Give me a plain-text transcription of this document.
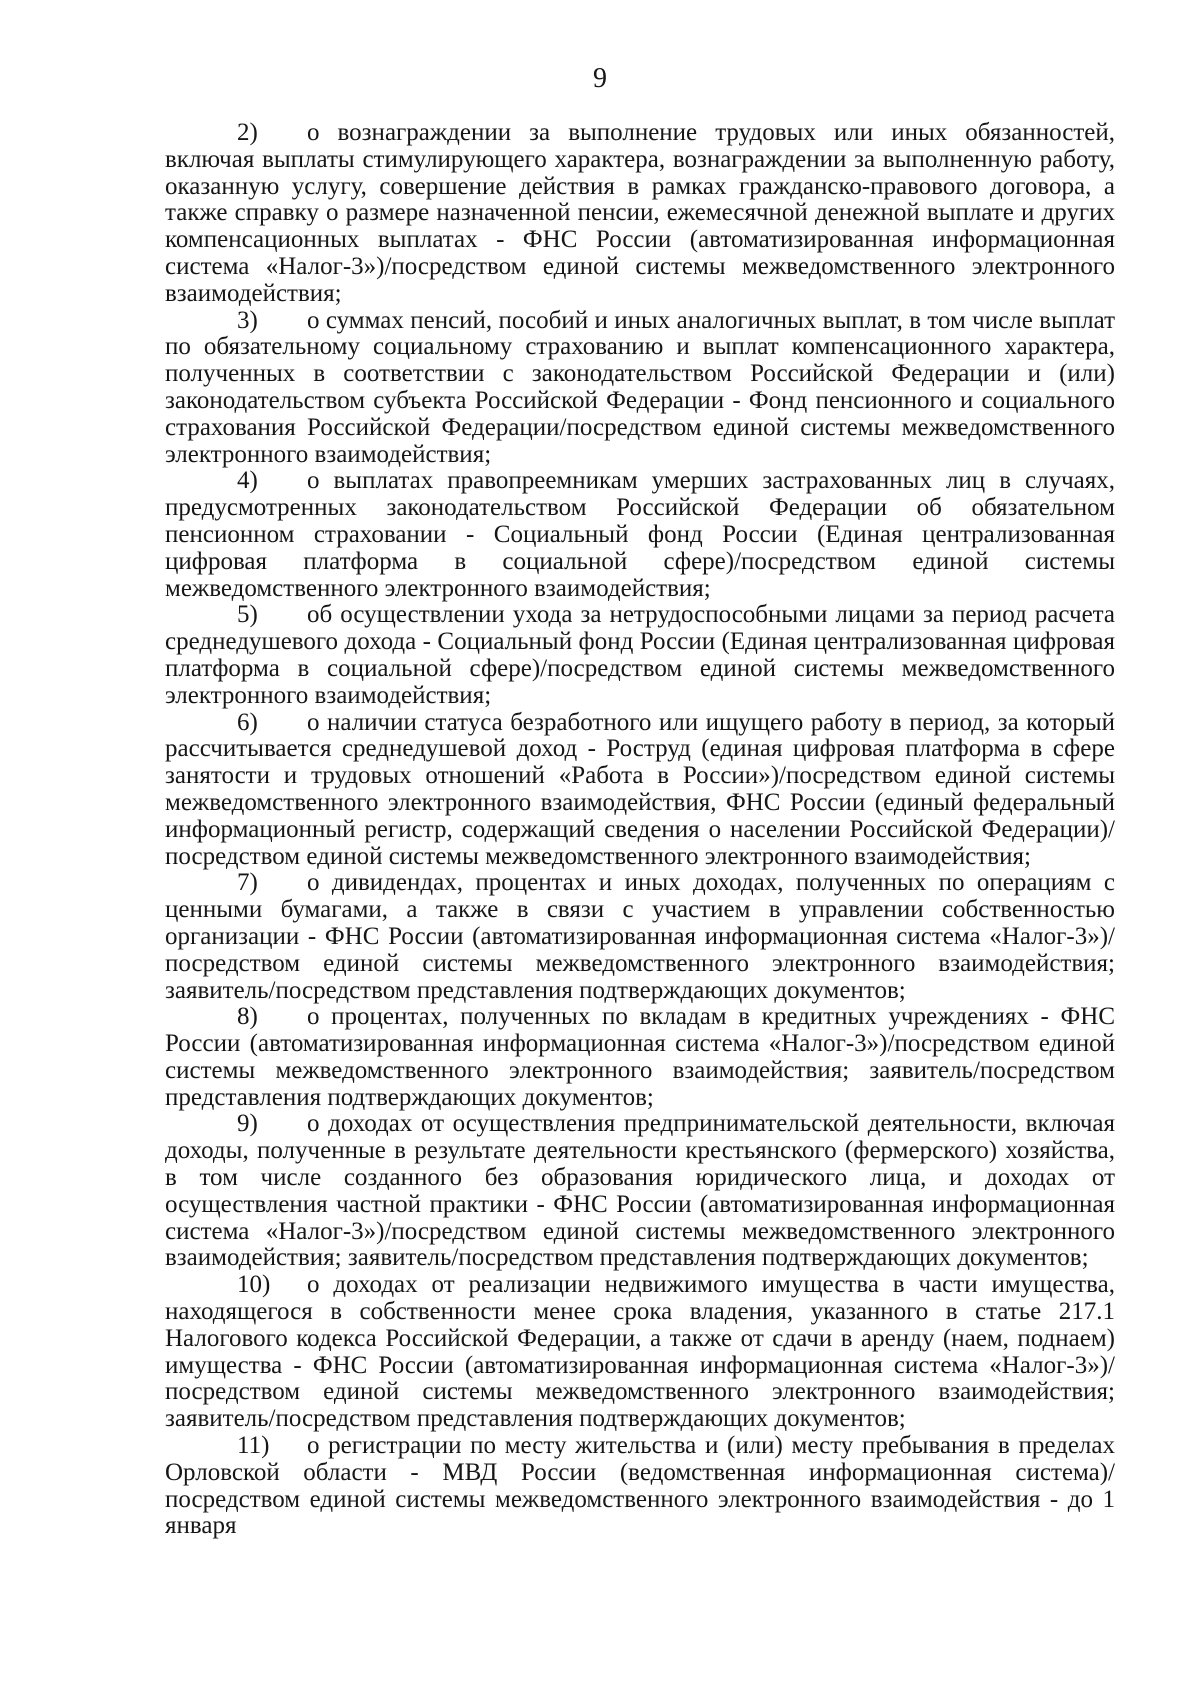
9

2) о вознаграждении за выполнение трудовых или иных обязанностей, включая выплаты стимулирующего характера, вознаграждении за выполненную работу, оказанную услугу, совершение действия в рамках гражданско-правового договора, а также справку о размере назначенной пенсии, ежемесячной денежной выплате и других компенсационных выплатах - ФНС России (автоматизированная информационная система «Налог-3»)/посредством единой системы межведомственного электронного взаимодействия;

3) о суммах пенсий, пособий и иных аналогичных выплат, в том числе выплат по обязательному социальному страхованию и выплат компенсационного характера, полученных в соответствии с законодательством Российской Федерации и (или) законодательством субъекта Российской Федерации - Фонд пенсионного и социального страхования Российской Федерации/посредством единой системы межведомственного электронного взаимодействия;

4) о выплатах правопреемникам умерших застрахованных лиц в случаях, предусмотренных законодательством Российской Федерации об обязательном пенсионном страховании - Социальный фонд России (Единая централизованная цифровая платформа в социальной сфере)/посредством единой системы межведомственного электронного взаимодействия;

5) об осуществлении ухода за нетрудоспособными лицами за период расчета среднедушевого дохода - Социальный фонд России (Единая централизованная цифровая платформа в социальной сфере)/посредством единой системы межведомственного электронного взаимодействия;

6) о наличии статуса безработного или ищущего работу в период, за который рассчитывается среднедушевой доход - Роструд (единая цифровая платформа в сфере занятости и трудовых отношений «Работа в России»)/посредством единой системы межведомственного электронного взаимодействия, ФНС России (единый федеральный информационный регистр, содержащий сведения о населении Российской Федерации)/посредством единой системы межведомственного электронного взаимодействия;

7) о дивидендах, процентах и иных доходах, полученных по операциям с ценными бумагами, а также в связи с участием в управлении собственностью организации - ФНС России (автоматизированная информационная система «Налог-3»)/посредством единой системы межведомственного электронного взаимодействия; заявитель/посредством представления подтверждающих документов;

8) о процентах, полученных по вкладам в кредитных учреждениях - ФНС России (автоматизированная информационная система «Налог-3»)/посредством единой системы межведомственного электронного взаимодействия; заявитель/посредством представления подтверждающих документов;

9) о доходах от осуществления предпринимательской деятельности, включая доходы, полученные в результате деятельности крестьянского (фермерского) хозяйства, в том числе созданного без образования юридического лица, и доходах от осуществления частной практики - ФНС России (автоматизированная информационная система «Налог-3»)/посредством единой системы межведомственного электронного взаимодействия; заявитель/посредством представления подтверждающих документов;

10) о доходах от реализации недвижимого имущества в части имущества, находящегося в собственности менее срока владения, указанного в статье 217.1 Налогового кодекса Российской Федерации, а также от сдачи в аренду (наем, поднаем) имущества - ФНС России (автоматизированная информационная система «Налог-3»)/посредством единой системы межведомственного электронного взаимодействия; заявитель/посредством представления подтверждающих документов;

11) о регистрации по месту жительства и (или) месту пребывания в пределах Орловской области - МВД России (ведомственная информационная система)/посредством единой системы межведомственного электронного взаимодействия - до 1 января
